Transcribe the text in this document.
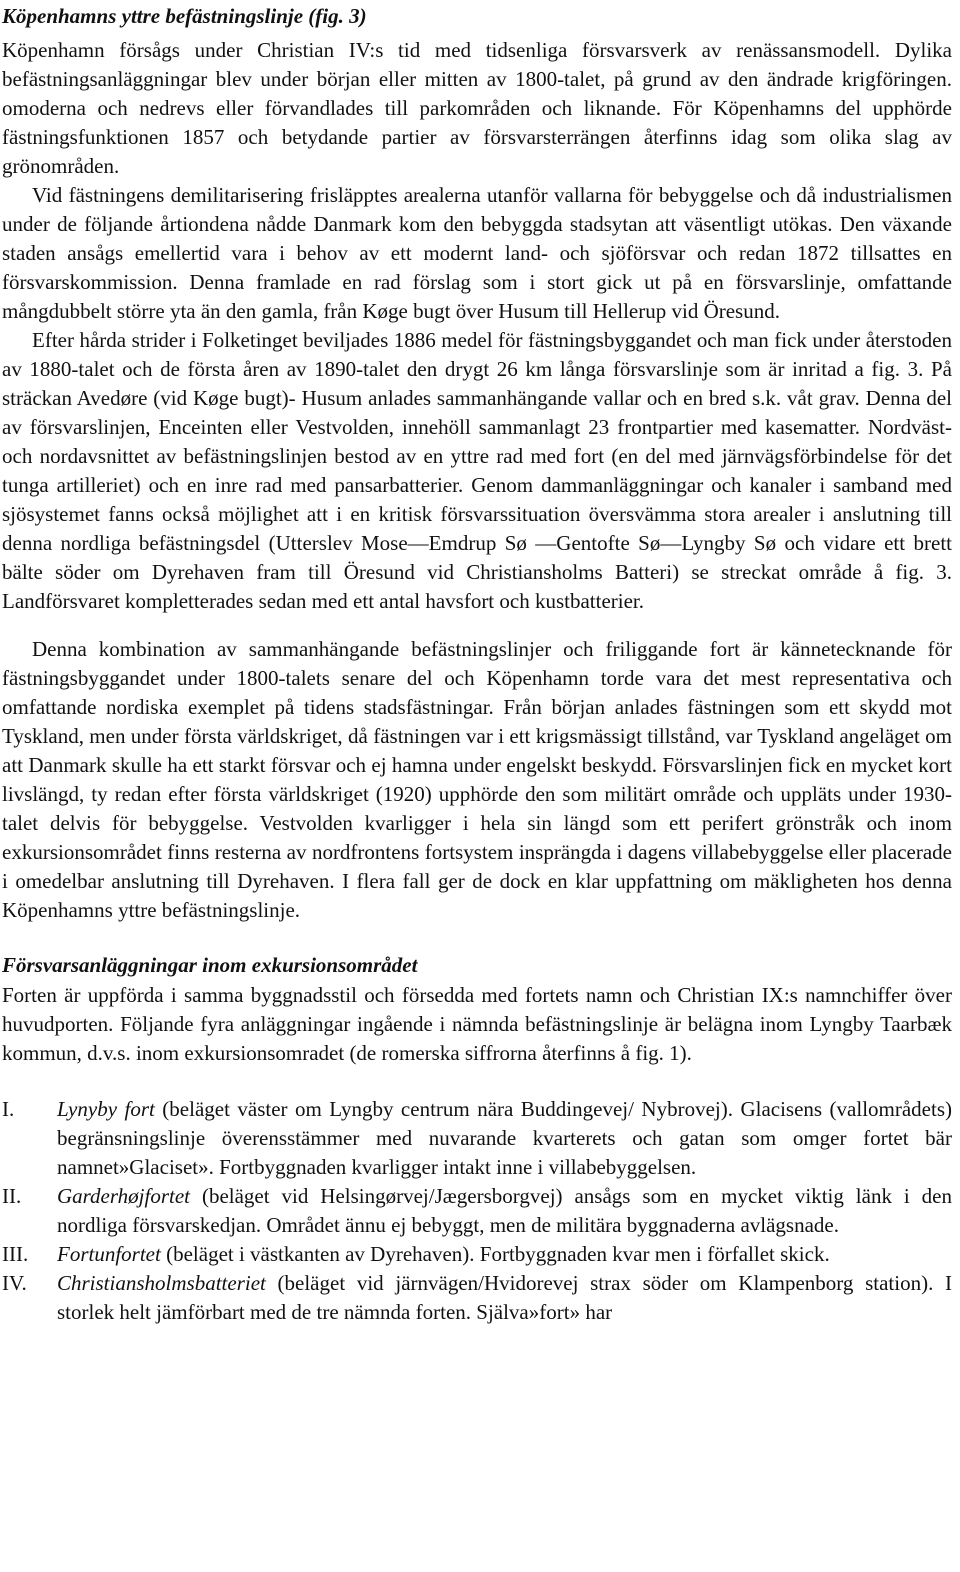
Köpenhamns yttre befästningslinje (fig. 3)

Köpenhamn försågs under Christian IV:s tid med tidsenliga försvarsverk av renässansmodell. Dylika befästningsanläggningar blev under början eller mitten av 1800-talet, på grund av den ändrade krigföringen. omoderna och nedrevs eller förvandlades till parkområden och liknande. För Köpenhamns del upphörde fästningsfunktionen 1857 och betydande partier av försvarsterrängen återfinns idag som olika slag av grönområden.

Vid fästningens demilitarisering frisläpptes arealerna utanför vallarna för bebyggelse och då industrialismen under de följande årtiondena nådde Danmark kom den bebyggda stadsytan att väsentligt utökas. Den växande staden ansågs emellertid vara i behov av ett modernt land- och sjöförsvar och redan 1872 tillsattes en försvarskommission. Denna framlade en rad förslag som i stort gick ut på en försvarslinje, omfattande mångdubbelt större yta än den gamla, från Køge bugt över Husum till Hellerup vid Öresund.

Efter hårda strider i Folketinget beviljades 1886 medel för fästningsbyggandet och man fick under återstoden av 1880-talet och de första åren av 1890-talet den drygt 26 km långa försvarslinje som är inritad a fig. 3. På sträckan Avedøre (vid Køge bugt)- Husum anlades sammanhängande vallar och en bred s.k. våt grav. Denna del av försvarslinjen, Enceinten eller Vestvolden, innehöll sammanlagt 23 frontpartier med kasematter. Nordväst- och nordavsnittet av befästningslinjen bestod av en yttre rad med fort (en del med järnvägsförbindelse för det tunga artilleriet) och en inre rad med pansarbatterier. Genom dammanläggningar och kanaler i samband med sjösystemet fanns också möjlighet att i en kritisk försvarssituation översvämma stora arealer i anslutning till denna nordliga befästningsdel (Utterslev Mose—Emdrup Sø —Gentofte Sø—Lyngby Sø och vidare ett brett bälte söder om Dyrehaven fram till Öresund vid Christiansholms Batteri) se streckat område å fig. 3. Landförsvaret kompletterades sedan med ett antal havsfort och kustbatterier.

Denna kombination av sammanhängande befästningslinjer och friliggande fort är kännetecknande för fästningsbyggandet under 1800-talets senare del och Köpenhamn torde vara det mest representativa och omfattande nordiska exemplet på tidens stadsfästningar. Från början anlades fästningen som ett skydd mot Tyskland, men under första världskriget, då fästningen var i ett krigsmässigt tillstånd, var Tyskland angeläget om att Danmark skulle ha ett starkt försvar och ej hamna under engelskt beskydd. Försvarslinjen fick en mycket kort livslängd, ty redan efter första världskriget (1920) upphörde den som militärt område och uppläts under 1930-talet delvis för bebyggelse. Vestvolden kvarligger i hela sin längd som ett perifert grönstråk och inom exkursionsområdet finns resterna av nordfrontens fortsystem insprängda i dagens villabebyggelse eller placerade i omedelbar anslutning till Dyrehaven. I flera fall ger de dock en klar uppfattning om mäkligheten hos denna Köpenhamns yttre befästningslinje.

Försvarsanläggningar inom exkursionsområdet

Forten är uppförda i samma byggnadsstil och försedda med fortets namn och Christian IX:s namnchiffer över huvudporten. Följande fyra anläggningar ingående i nämnda befästningslinje är belägna inom Lyngby Taarbæk kommun, d.v.s. inom exkursionsomradet (de romerska siffrorna återfinns å fig. 1).

I.	Lynyby fort (beläget väster om Lyngby centrum nära Buddingevej/ Nybrovej). Glacisens (vallområdets) begränsningslinje överensstämmer med nuvarande kvarterets och gatan som omger fortet bär namnet»Glaciset». Fortbyggnaden kvarligger intakt inne i villabebyggelsen.
II.	Garderhøjfortet (beläget vid Helsingørvej/Jægersborgvej) ansågs som en mycket viktig länk i den nordliga försvarskedjan. Området ännu ej bebyggt, men de militära byggnaderna avlägsnade.
III.	Fortunfortet (beläget i västkanten av Dyrehaven). Fortbyggnaden kvar men i förfallet skick.
IV.	Christiansholmsbatteriet (beläget vid järnvägen/Hvidorevej strax söder om Klampenborg station). I storlek helt jämförbart med de tre nämnda forten. Själva»fort» har
